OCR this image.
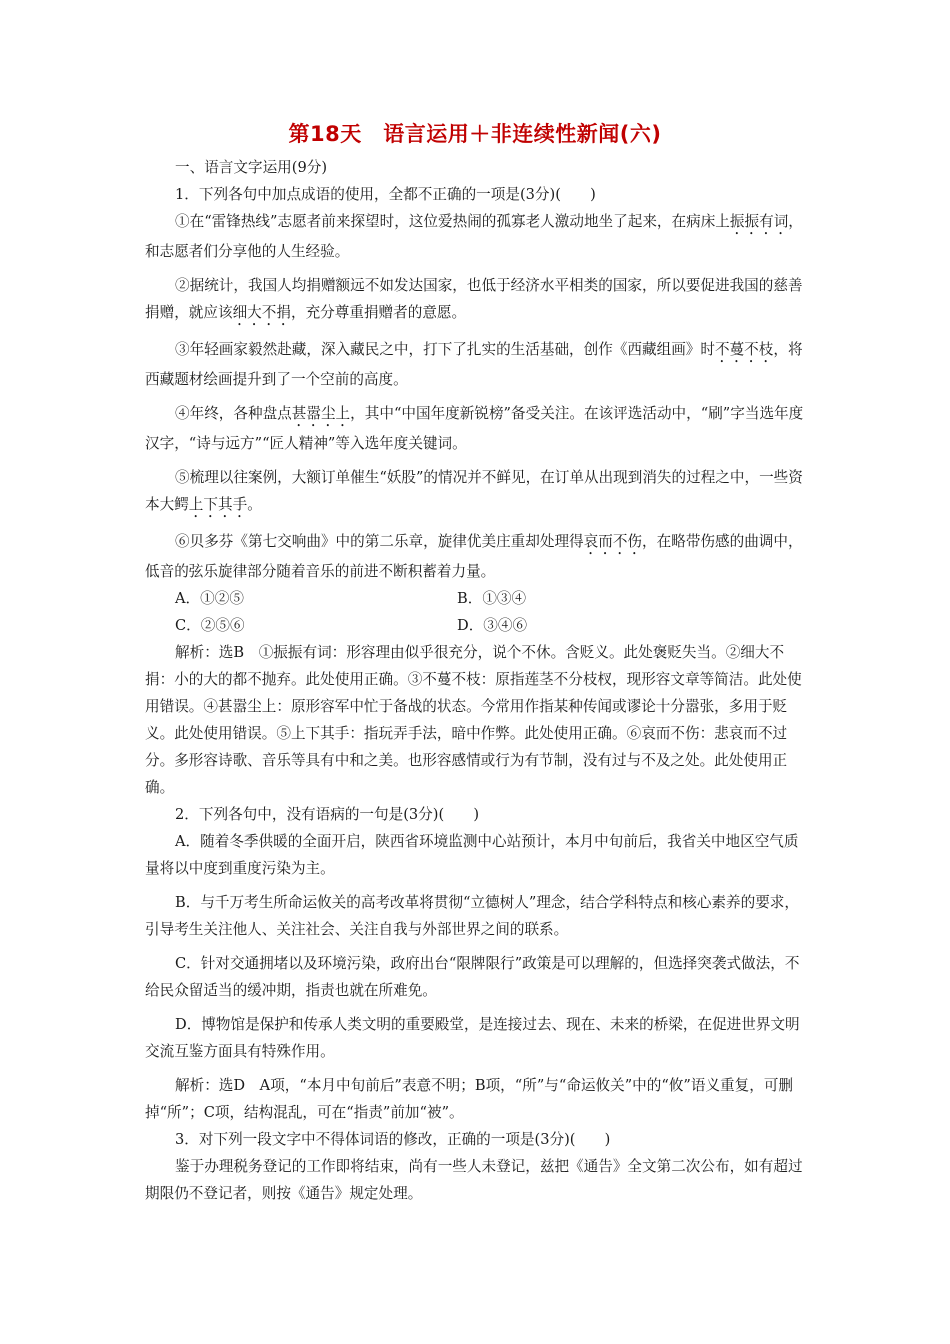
第18天　语言运用＋非连续性新闻(六)

一、语言文字运用(9分)

1．下列各句中加点成语的使用，全都不正确的一项是(3分)(　　)

①在“雷锋热线”志愿者前来探望时，这位爱热闹的孤寡老人激动地坐了起来，在病床上振振有词，和志愿者们分享他的人生经验。

②据统计，我国人均捐赠额远不如发达国家，也低于经济水平相类的国家，所以要促进我国的慈善捐赠，就应该细大不捐，充分尊重捐赠者的意愿。

③年轻画家毅然赴藏，深入藏民之中，打下了扎实的生活基础，创作《西藏组画》时不蔓不枝，将西藏题材绘画提升到了一个空前的高度。

④年终，各种盘点甚嚣尘上，其中“中国年度新锐榜”备受关注。在该评选活动中，“刷”字当选年度汉字，“诗与远方”“匠人精神”等入选年度关键词。

⑤梳理以往案例，大额订单催生“妖股”的情况并不鲜见，在订单从出现到消失的过程之中，一些资本大鳄上下其手。

⑥贝多芬《第七交响曲》中的第二乐章，旋律优美庄重却处理得哀而不伤，在略带伤感的曲调中，低音的弦乐旋律部分随着音乐的前进不断积蓄着力量。

A．①②⑤	B．①③④
C．②⑤⑥	D．③④⑥

解析：选B　①振振有词：形容理由似乎很充分，说个不休。含贬义。此处褒贬失当。②细大不捐：小的大的都不抛弃。此处使用正确。③不蔓不枝：原指莲茎不分枝杈，现形容文章等简洁。此处使用错误。④甚嚣尘上：原形容军中忙于备战的状态。今常用作指某种传闻或谬论十分嚣张，多用于贬义。此处使用错误。⑤上下其手：指玩弄手法，暗中作弊。此处使用正确。⑥哀而不伤：悲哀而不过分。多形容诗歌、音乐等具有中和之美。也形容感情或行为有节制，没有过与不及之处。此处使用正确。

2．下列各句中，没有语病的一句是(3分)(　　)

A．随着冬季供暖的全面开启，陕西省环境监测中心站预计，本月中旬前后，我省关中地区空气质量将以中度到重度污染为主。

B．与千万考生所命运攸关的高考改革将贯彻“立德树人”理念，结合学科特点和核心素养的要求，引导考生关注他人、关注社会、关注自我与外部世界之间的联系。

C．针对交通拥堵以及环境污染，政府出台“限牌限行”政策是可以理解的，但选择突袭式做法，不给民众留适当的缓冲期，指责也就在所难免。

D．博物馆是保护和传承人类文明的重要殿堂，是连接过去、现在、未来的桥梁，在促进世界文明交流互鉴方面具有特殊作用。

解析：选D　A项，“本月中旬前后”表意不明；B项，“所”与“命运攸关”中的“攸”语义重复，可删掉“所”；C项，结构混乱，可在“指责”前加“被”。

3．对下列一段文字中不得体词语的修改，正确的一项是(3分)(　　)

鉴于办理税务登记的工作即将结束，尚有一些人未登记，兹把《通告》全文第二次公布，如有超过期限仍不登记者，则按《通告》规定处理。
